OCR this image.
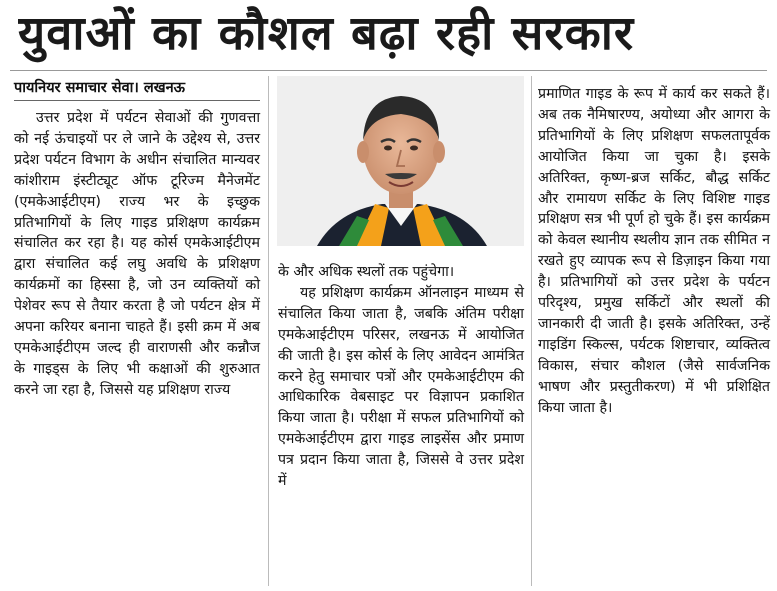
युवाओं का कौशल बढ़ा रही सरकार
पायनियर समाचार सेवा। लखनऊ

उत्तर प्रदेश में पर्यटन सेवाओं की गुणवत्ता को नई ऊंचाइयों पर ले जाने के उद्देश्य से, उत्तर प्रदेश पर्यटन विभाग के अधीन संचालित मान्यवर कांशीराम इंस्टीट्यूट ऑफ टूरिज्म मैनेजमेंट (एमकेआईटीएम) राज्य भर के इच्छुक प्रतिभागियों के लिए गाइड प्रशिक्षण कार्यक्रम संचालित कर रहा है। यह कोर्स एमकेआईटीएम द्वारा संचालित कई लघु अवधि के प्रशिक्षण कार्यक्रमों का हिस्सा है, जो उन व्यक्तियों को पेशेवर रूप से तैयार करता है जो पर्यटन क्षेत्र में अपना करियर बनाना चाहते हैं। इसी क्रम में अब एमकेआईटीएम जल्द ही वाराणसी और कन्नौज के गाइड्स के लिए भी कक्षाओं की शुरुआत करने जा रहा है, जिससे यह प्रशिक्षण राज्य

के और अधिक स्थलों तक पहुंचेगा।

यह प्रशिक्षण कार्यक्रम ऑनलाइन माध्यम से संचालित किया जाता है, जबकि अंतिम परीक्षा एमकेआईटीएम परिसर, लखनऊ में आयोजित की जाती है। इस कोर्स के लिए आवेदन आमंत्रित करने हेतु समाचार पत्रों और एमकेआईटीएम की आधिकारिक वेबसाइट पर विज्ञापन प्रकाशित किया जाता है। परीक्षा में सफल प्रतिभागियों को एमकेआईटीएम द्वारा गाइड लाइसेंस और प्रमाण पत्र प्रदान किया जाता है, जिससे वे उत्तर प्रदेश में

प्रमाणित गाइड के रूप में कार्य कर सकते हैं। अब तक नैमिषारण्य, अयोध्या और आगरा के प्रतिभागियों के लिए प्रशिक्षण सफलतापूर्वक आयोजित किया जा चुका है। इसके अतिरिक्त, कृष्ण-ब्रज सर्किट, बौद्ध सर्किट और रामायण सर्किट के लिए विशिष्ट गाइड प्रशिक्षण सत्र भी पूर्ण हो चुके हैं। इस कार्यक्रम को केवल स्थानीय स्थलीय ज्ञान तक सीमित न रखते हुए व्यापक रूप से डिज़ाइन किया गया है। प्रतिभागियों को उत्तर प्रदेश के पर्यटन परिदृश्य, प्रमुख सर्किटों और स्थलों की जानकारी दी जाती है। इसके अतिरिक्त, उन्हें गाइडिंग स्किल्स, पर्यटक शिष्टाचार, व्यक्तित्व विकास, संचार कौशल (जैसे सार्वजनिक भाषण और प्रस्तुतीकरण) में भी प्रशिक्षित किया जाता है।
